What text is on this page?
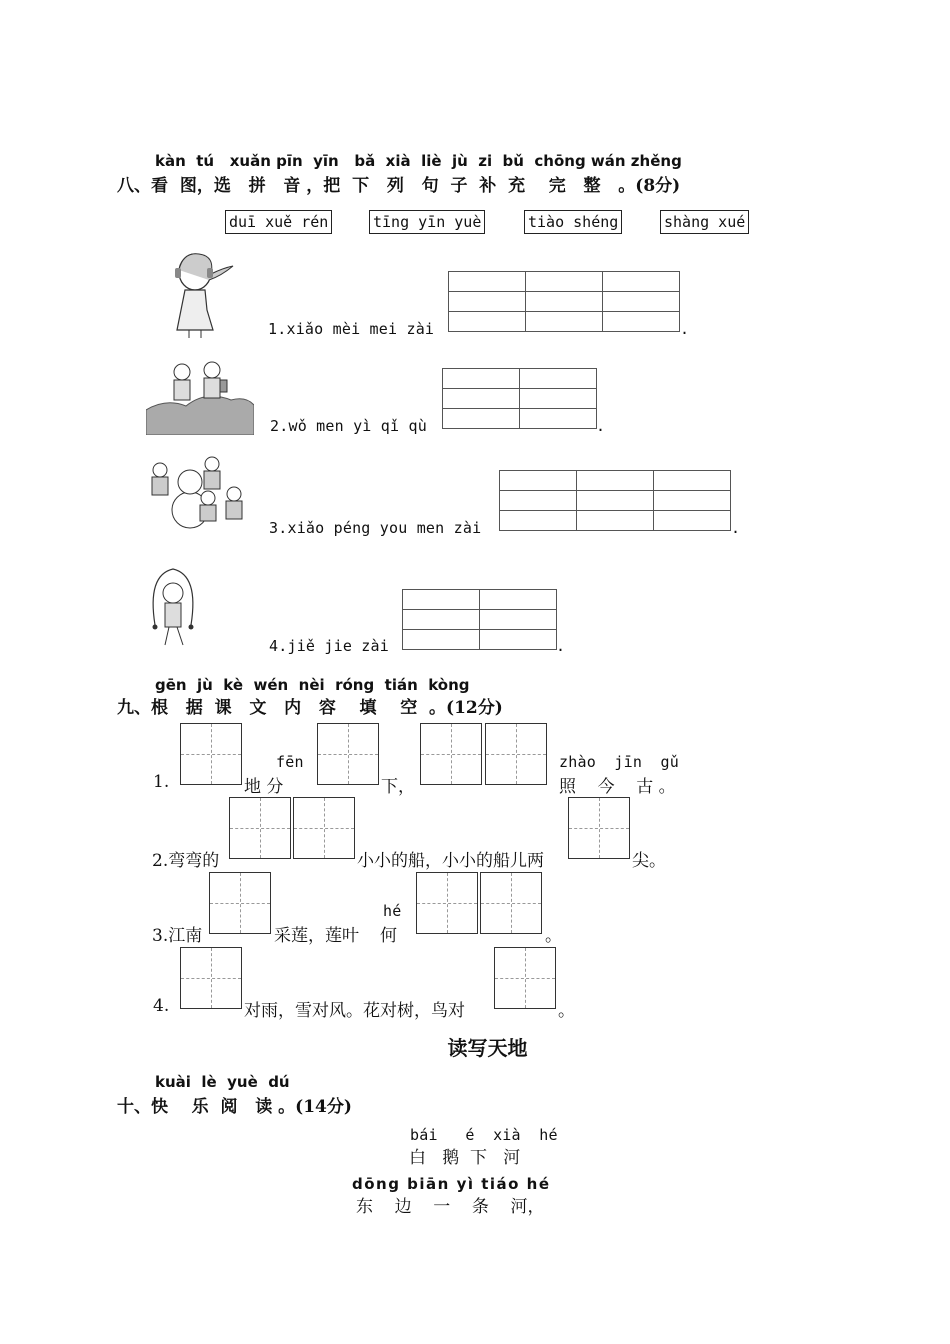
kàn  tú   xuǎn pīn  yīn   bǎ  xià  liè  jù  zi  bǔ  chōng wán zhěng
八、看  图，选   拼   音 ，把  下   列   句  子  补  充    完   整   。(8分)
duī xuě rén	tīng yīn yuè	tiào shéng	shàng xué
1.xiǎo mèi mei zài

			.
2.wǒ men yì qǐ qù

		.
3.xiǎo péng you men zài

			.
4.jiě jie zài

		.
gēn  jù  kè  wén  nèi  róng  tián  kòng
九、根   据  课   文   内   容    填    空  。(12分)
1.	地 分
fēn
下，
zhào  jīn  gǔ
照    今    古 。
2.弯弯的	小小的船，小小的船儿两	尖。
3.江南	采莲，莲叶
hé
何	。
4.	对雨，雪对风。花对树，鸟对	。
读写天地
kuài  lè  yuè  dú
十、快    乐  阅   读 。(14分)
bái   é  xià  hé
白   鹅  下   河
dōng biān yì tiáo hé
东    边    一    条    河，
